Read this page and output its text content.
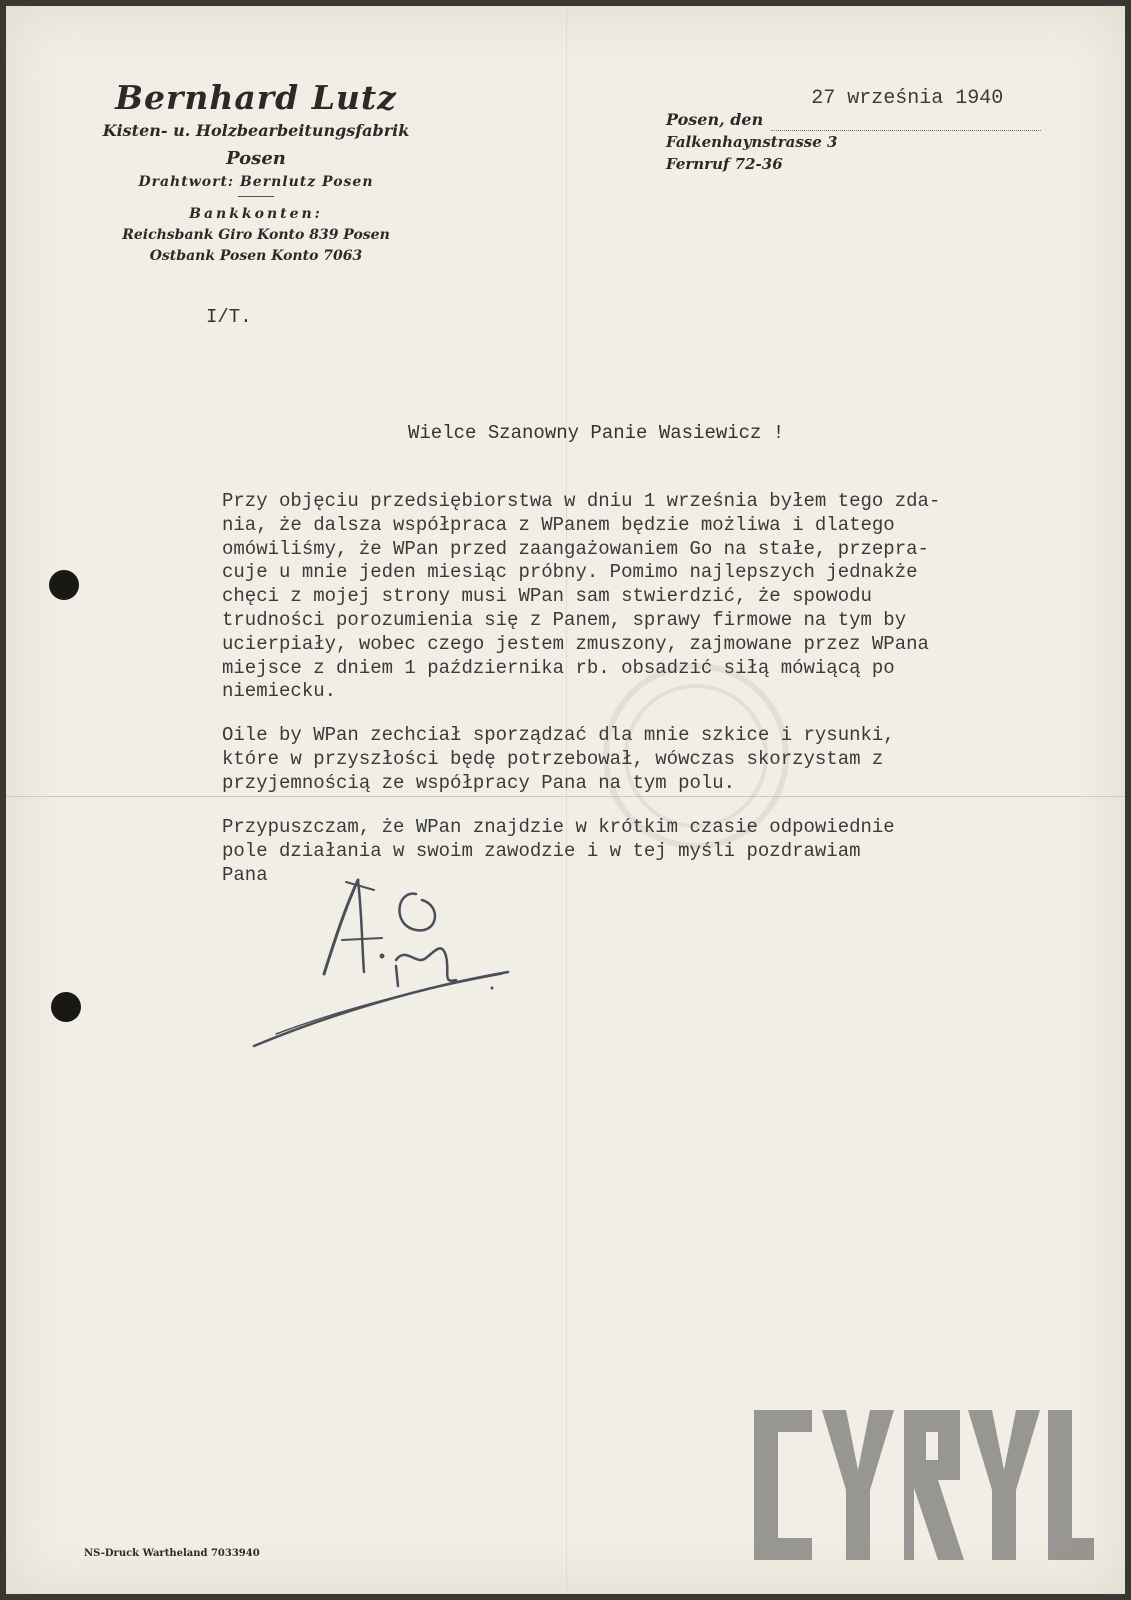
Bernhard Lutz
Kisten- u. Holzbearbeitungsfabrik
Posen
Drahtwort: Bernlutz Posen
Bankkonten:
Reichsbank Giro Konto 839 Posen
Ostbank Posen Konto 7063
I/T.
Posen, den
27 września 1940
Falkenhaynstrasse 3
Fernruf 72-36
Wielce Szanowny Panie Wasiewicz !
Przy objęciu przedsiębiorstwa w dniu 1 września byłem tego zda-
nia, że dalsza współpraca z WPanem będzie możliwa i dlatego
omówiliśmy, że WPan przed zaangażowaniem Go na stałe, przepra-
cuje u mnie jeden miesiąc próbny. Pomimo najlepszych jednakże
chęci z mojej strony musi WPan sam stwierdzić, że spowodu
trudności porozumienia się z Panem, sprawy firmowe na tym by
ucierpiały, wobec czego jestem zmuszony, zajmowane przez WPana
miejsce z dniem 1 października rb. obsadzić siłą mówiącą po
niemiecku.
Oile by WPan zechciał sporządzać dla mnie szkice i rysunki,
które w przyszłości będę potrzebował, wówczas skorzystam z
przyjemnością ze współpracy Pana na tym polu.
Przypuszczam, że WPan znajdzie w krótkim czasie odpowiednie
pole działania w swoim zawodzie i w tej myśli pozdrawiam
Pana
NS-Druck Wartheland 7033940
